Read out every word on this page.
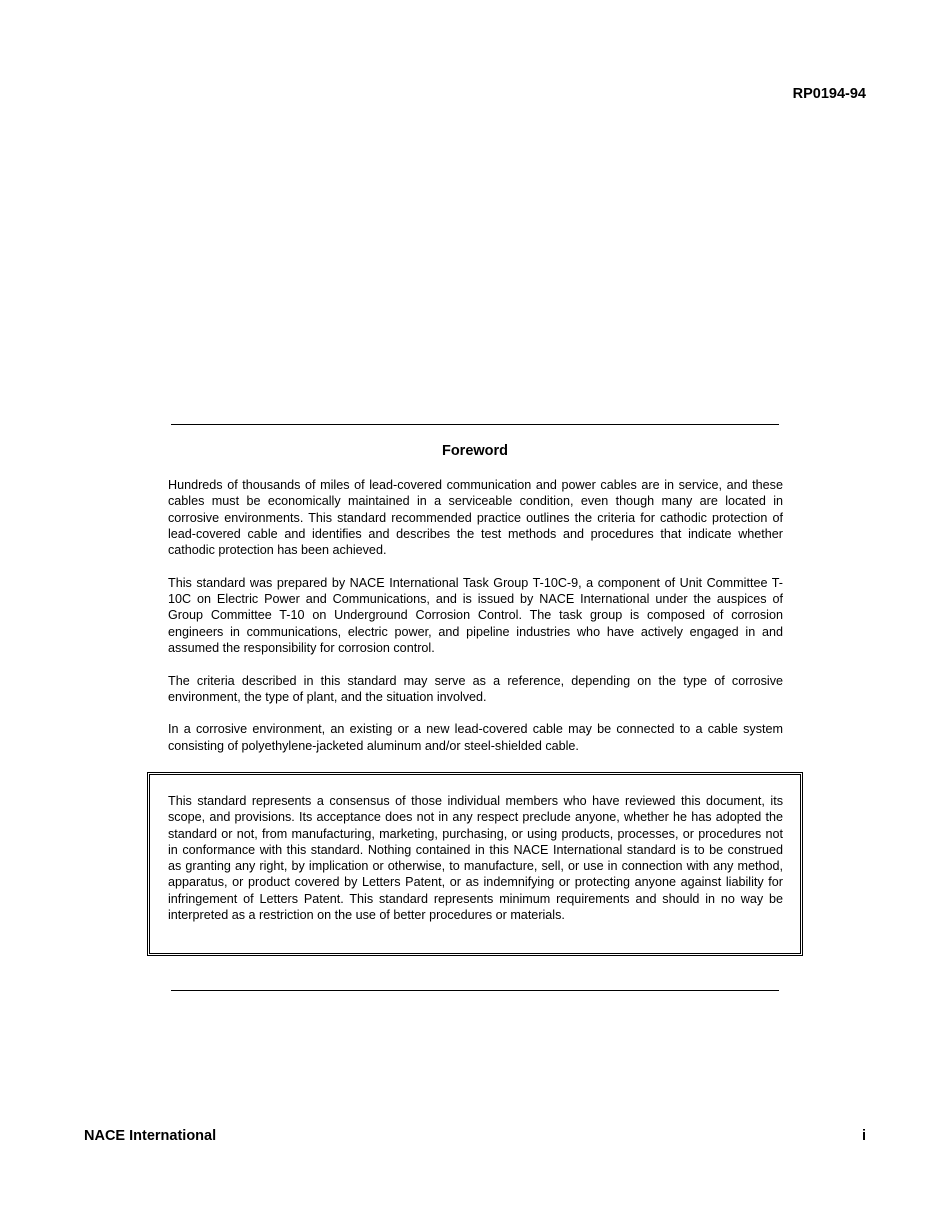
RP0194-94
Foreword

Hundreds of thousands of miles of lead-covered communication and power cables are in service, and these cables must be economically maintained in a serviceable condition, even though many are located in corrosive environments. This standard recommended practice outlines the criteria for cathodic protection of lead-covered cable and identifies and describes the test methods and procedures that indicate whether cathodic protection has been achieved.

This standard was prepared by NACE International Task Group T-10C-9, a component of Unit Committee T-10C on Electric Power and Communications, and is issued by NACE International under the auspices of Group Committee T-10 on Underground Corrosion Control. The task group is composed of corrosion engineers in communications, electric power, and pipeline industries who have actively engaged in and assumed the responsibility for corrosion control.

The criteria described in this standard may serve as a reference, depending on the type of corrosive environment, the type of plant, and the situation involved.

In a corrosive environment, an existing or a new lead-covered cable may be connected to a cable system consisting of polyethylene-jacketed aluminum and/or steel-shielded cable.

This standard represents a consensus of those individual members who have reviewed this document, its scope, and provisions. Its acceptance does not in any respect preclude anyone, whether he has adopted the standard or not, from manufacturing, marketing, purchasing, or using products, processes, or procedures not in conformance with this standard. Nothing contained in this NACE International standard is to be construed as granting any right, by implication or otherwise, to manufacture, sell, or use in connection with any method, apparatus, or product covered by Letters Patent, or as indemnifying or protecting anyone against liability for infringement of Letters Patent. This standard represents minimum requirements and should in no way be interpreted as a restriction on the use of better procedures or materials.

NACE International	i
